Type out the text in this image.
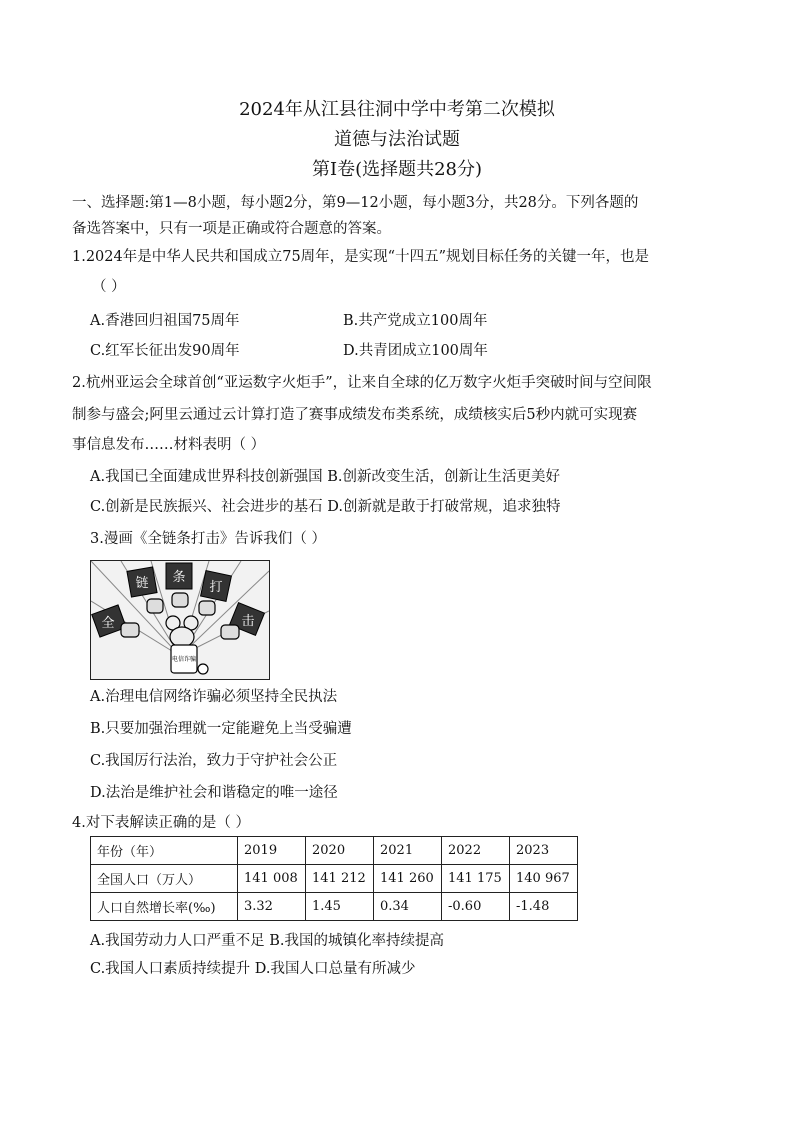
2024年从江县往洞中学中考第二次模拟
道德与法治试题
第Ⅰ卷(选择题共28分)
一、选择题:第1—8小题，每小题2分，第9—12小题，每小题3分，共28分。下列各题的
备选答案中，只有一项是正确或符合题意的答案。
1.2024年是中华人民共和国成立75周年，是实现“十四五”规划目标任务的关键一年，也是
（ ）
A.香港回归祖国75周年	B.共产党成立100周年
C.红军长征出发90周年	D.共青团成立100周年
2.杭州亚运会全球首创“亚运数字火炬手”，让来自全球的亿万数字火炬手突破时间与空间限
制参与盛会;阿里云通过云计算打造了赛事成绩发布类系统，成绩核实后5秒内就可实现赛
事信息发布……材料表明（ ）
A.我国已全面建成世界科技创新强国 B.创新改变生活，创新让生活更美好
C.创新是民族振兴、社会进步的基石 D.创新就是敢于打破常规，追求独特
3.漫画《全链条打击》告诉我们（ ）
全
链 条
打
击
电信诈骗
A.治理电信网络诈骗必须坚持全民执法
B.只要加强治理就一定能避免上当受骗遭
C.我国厉行法治，致力于守护社会公正
D.法治是维护社会和谐稳定的唯一途径
4.对下表解读正确的是（ ）
年份（年）	2019	2020	2021	2022	2023
全国人口（万人）	141 008	141 212	141 260	141 175	140 967
人口自然增长率(‰)	3.32	1.45	0.34	-0.60	-1.48
A.我国劳动力人口严重不足 B.我国的城镇化率持续提高
C.我国人口素质持续提升 D.我国人口总量有所减少
